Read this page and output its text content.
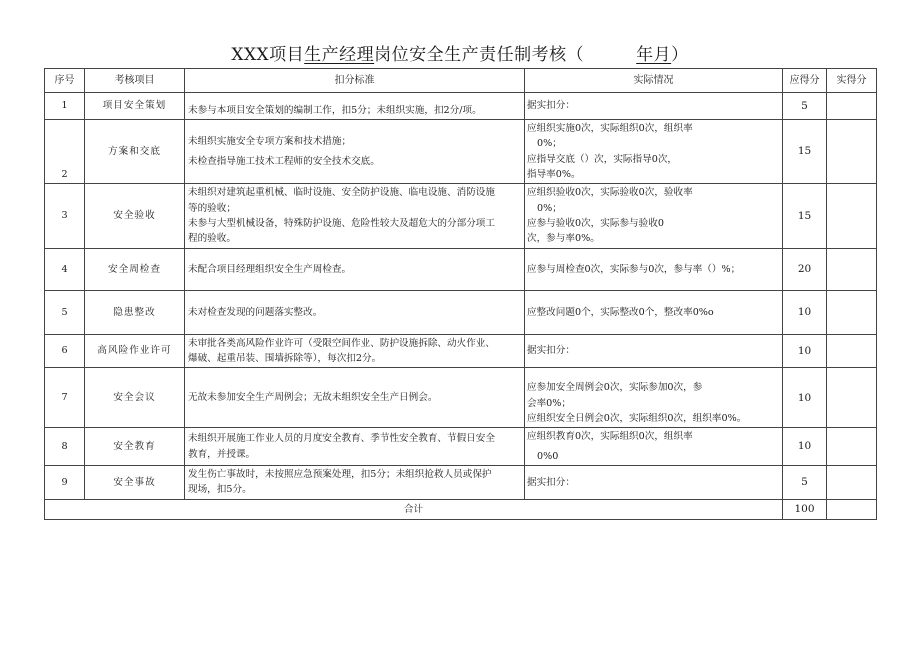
XXX项目生产经理岗位安全生产责任制考核（	年月）
序号	考核项目	扣分标准	实际情况	应得分	实得分
1	项目安全策划	未参与本项目安全策划的编制工作，扣5分；未组织实施，扣2分/项。	据实扣分：	5	
2	方案和交底	未组织实施安全专项方案和技术措施；
未检查指导施工技术工程师的安全技术交底。	应组织实施0次，实际组织0次，组织率
0%；
应指导交底（）次，实际指导0次，
指导率0%。	15	
3	安全验收	未组织对建筑起重机械、临时设施、安全防护设施、临电设施、消防设施
等的验收；
未参与大型机械设备，特殊防护设施、危险性较大及超危大的分部分项工
程的验收。	应组织验收0次，实际验收0次，验收率
0%；
应参与验收0次，实际参与验收0
次，参与率0%。	15	
4	安全周检查	未配合项目经理组织安全生产周检查。	应参与周检查0次，实际参与0次，参与率（）%；	20	
5	隐患整改	未对检查发现的问题落实整改。	应整改问题0个，实际整改0个，整改率0%o	10	
6	高风险作业许可	未审批各类高风险作业许可（受限空间作业、防护设施拆除、动火作业、
爆破、起重吊装、围墙拆除等），每次扣2分。	据实扣分：	10	
7	安全会议	无故未参加安全生产周例会；无故未组织安全生产日例会。	应参加安全周例会0次，实际参加0次，参
会率0%；
应组织安全日例会0次，实际组织0次，组织率0%。	10	
8	安全教育	未组织开展施工作业人员的月度安全教育、季节性安全教育、节假日安全
教育，并授课。	应组织教育0次，实际组织0次，组织率
0%0	10	
9	安全事故	发生伤亡事故时，未按照应急预案处理，扣5分；未组织抢救人员或保护
现场，扣5分。	据实扣分：	5	
合计				100	
